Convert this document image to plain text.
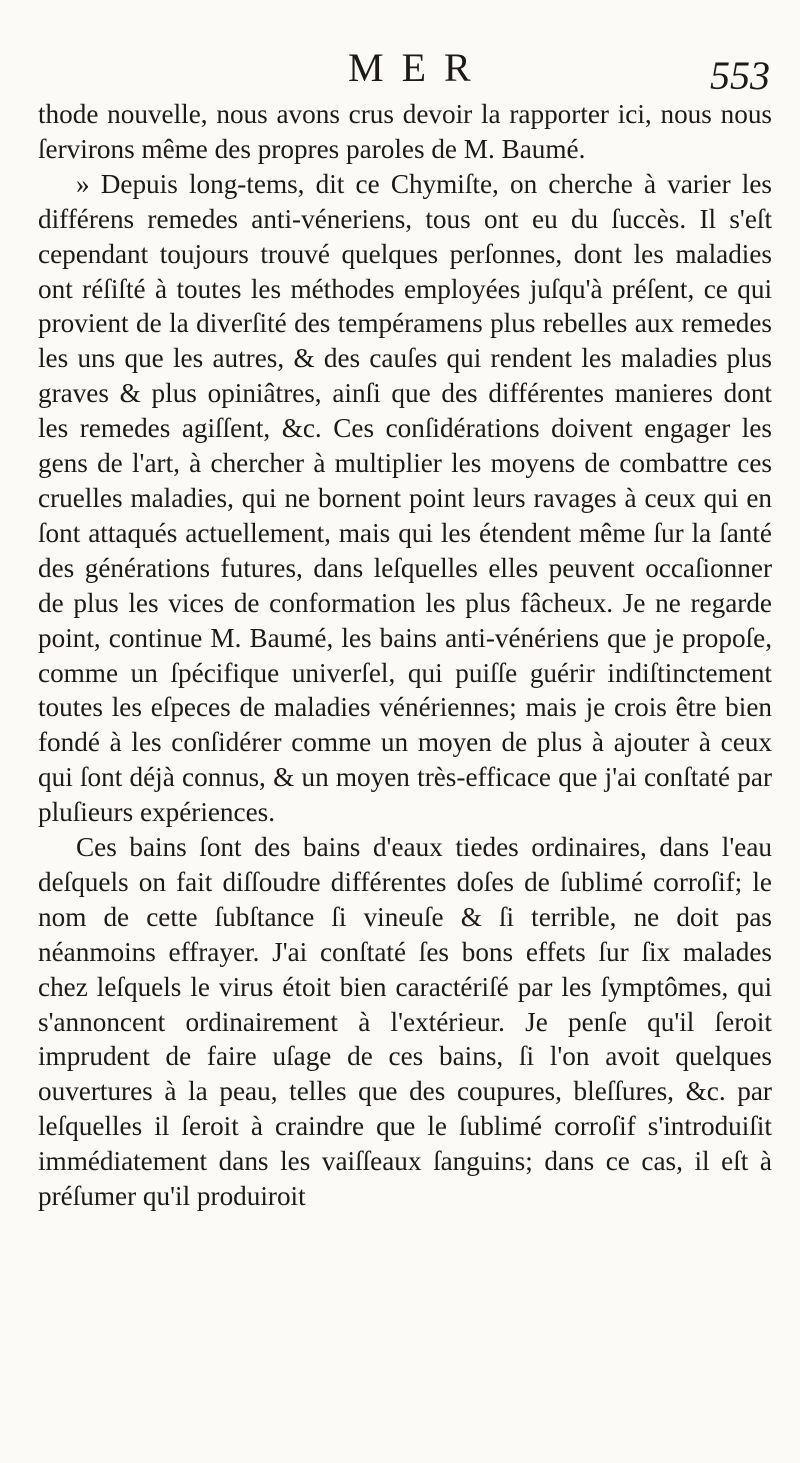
MER	553

thode nouvelle, nous avons crus devoir la rapporter ici, nous nous ſervirons même des propres paroles de M. Baumé.

» Depuis long-tems, dit ce Chymiſte, on cherche à varier les différens remedes anti-véneriens, tous ont eu du ſuccès. Il s'eſt cependant toujours trouvé quelques perſonnes, dont les maladies ont réſiſté à toutes les méthodes employées juſqu'à préſent, ce qui provient de la diverſité des tempéramens plus rebelles aux remedes les uns que les autres, & des cauſes qui rendent les maladies plus graves & plus opiniâtres, ainſi que des différentes manieres dont les remedes agiſſent, &c. Ces conſidérations doivent engager les gens de l'art, à chercher à multiplier les moyens de combattre ces cruelles maladies, qui ne bornent point leurs ravages à ceux qui en ſont attaqués actuellement, mais qui les étendent même ſur la ſanté des générations futures, dans leſquelles elles peuvent occaſionner de plus les vices de conformation les plus fâcheux. Je ne regarde point, continue M. Baumé, les bains anti-vénériens que je propoſe, comme un ſpécifique univerſel, qui puiſſe guérir indiſtinctement toutes les eſpeces de maladies vénériennes; mais je crois être bien fondé à les conſidérer comme un moyen de plus à ajouter à ceux qui ſont déjà connus, & un moyen très-efficace que j'ai conſtaté par pluſieurs expériences.

Ces bains ſont des bains d'eaux tiedes ordinaires, dans l'eau deſquels on fait diſſoudre différentes doſes de ſublimé corroſif; le nom de cette ſubſtance ſi vineuſe & ſi terrible, ne doit pas néanmoins effrayer. J'ai conſtaté ſes bons effets ſur ſix malades chez leſquels le virus étoit bien caractériſé par les ſymptômes, qui s'annoncent ordinairement à l'extérieur. Je penſe qu'il ſeroit imprudent de faire uſage de ces bains, ſi l'on avoit quelques ouvertures à la peau, telles que des coupures, bleſſures, &c. par leſquelles il ſeroit à craindre que le ſublimé corroſif s'introduiſit immédiatement dans les vaiſſeaux ſanguins; dans ce cas, il eſt à préſumer qu'il produiroit
